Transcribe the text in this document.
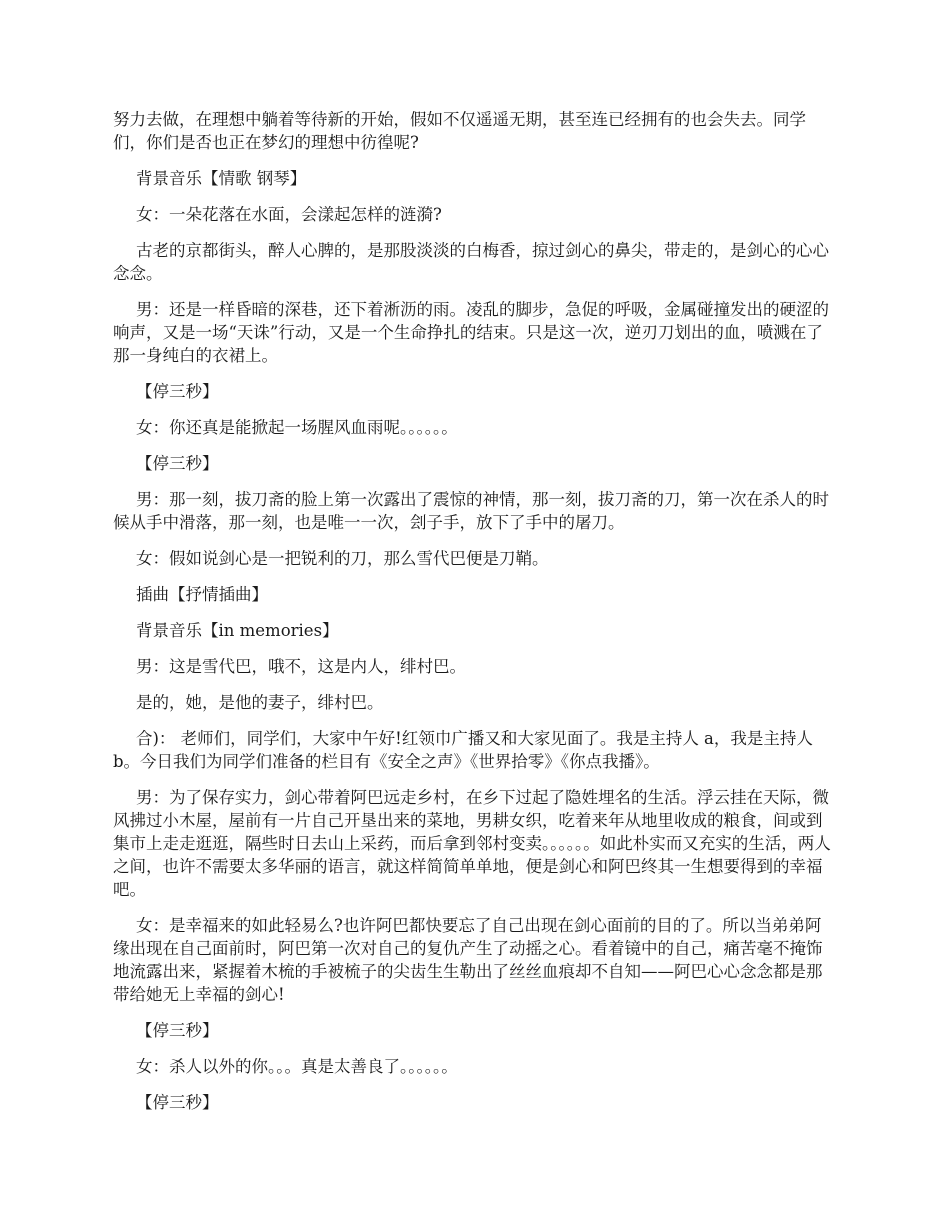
努力去做，在理想中躺着等待新的开始，假如不仅遥遥无期，甚至连已经拥有的也会失去。同学们，你们是否也正在梦幻的理想中彷徨呢?

背景音乐【情歌 钢琴】

女：一朵花落在水面，会漾起怎样的涟漪?

古老的京都街头，醉人心脾的，是那股淡淡的白梅香，掠过剑心的鼻尖，带走的，是剑心的心心念念。

男：还是一样昏暗的深巷，还下着淅沥的雨。凌乱的脚步，急促的呼吸，金属碰撞发出的硬涩的响声，又是一场“天诛”行动，又是一个生命挣扎的结束。只是这一次，逆刃刀划出的血，喷溅在了那一身纯白的衣裙上。

【停三秒】

女：你还真是能掀起一场腥风血雨呢。。。。。。

【停三秒】

男：那一刻，拔刀斋的脸上第一次露出了震惊的神情，那一刻，拔刀斋的刀，第一次在杀人的时候从手中滑落，那一刻，也是唯一一次，刽子手，放下了手中的屠刀。

女：假如说剑心是一把锐利的刀，那么雪代巴便是刀鞘。

插曲【抒情插曲】

背景音乐【in memories】

男：这是雪代巴，哦不，这是内人，绯村巴。

是的，她，是他的妻子，绯村巴。

合)： 老师们，同学们，大家中午好!红领巾广播又和大家见面了。我是主持人 a，我是主持人 b。今日我们为同学们准备的栏目有《安全之声》《世界拾零》《你点我播》。

男：为了保存实力，剑心带着阿巴远走乡村，在乡下过起了隐姓埋名的生活。浮云挂在天际，微风拂过小木屋，屋前有一片自己开垦出来的菜地，男耕女织，吃着来年从地里收成的粮食，间或到集市上走走逛逛，隔些时日去山上采药，而后拿到邻村变卖。。。。。。如此朴实而又充实的生活，两人之间，也许不需要太多华丽的语言，就这样简简单单地，便是剑心和阿巴终其一生想要得到的幸福吧。

女：是幸福来的如此轻易么?也许阿巴都快要忘了自己出现在剑心面前的目的了。所以当弟弟阿缘出现在自己面前时，阿巴第一次对自己的复仇产生了动摇之心。看着镜中的自己，痛苦毫不掩饰地流露出来，紧握着木梳的手被梳子的尖齿生生勒出了丝丝血痕却不自知——阿巴心心念念都是那带给她无上幸福的剑心!

【停三秒】

女：杀人以外的你。。。真是太善良了。。。。。。

【停三秒】
